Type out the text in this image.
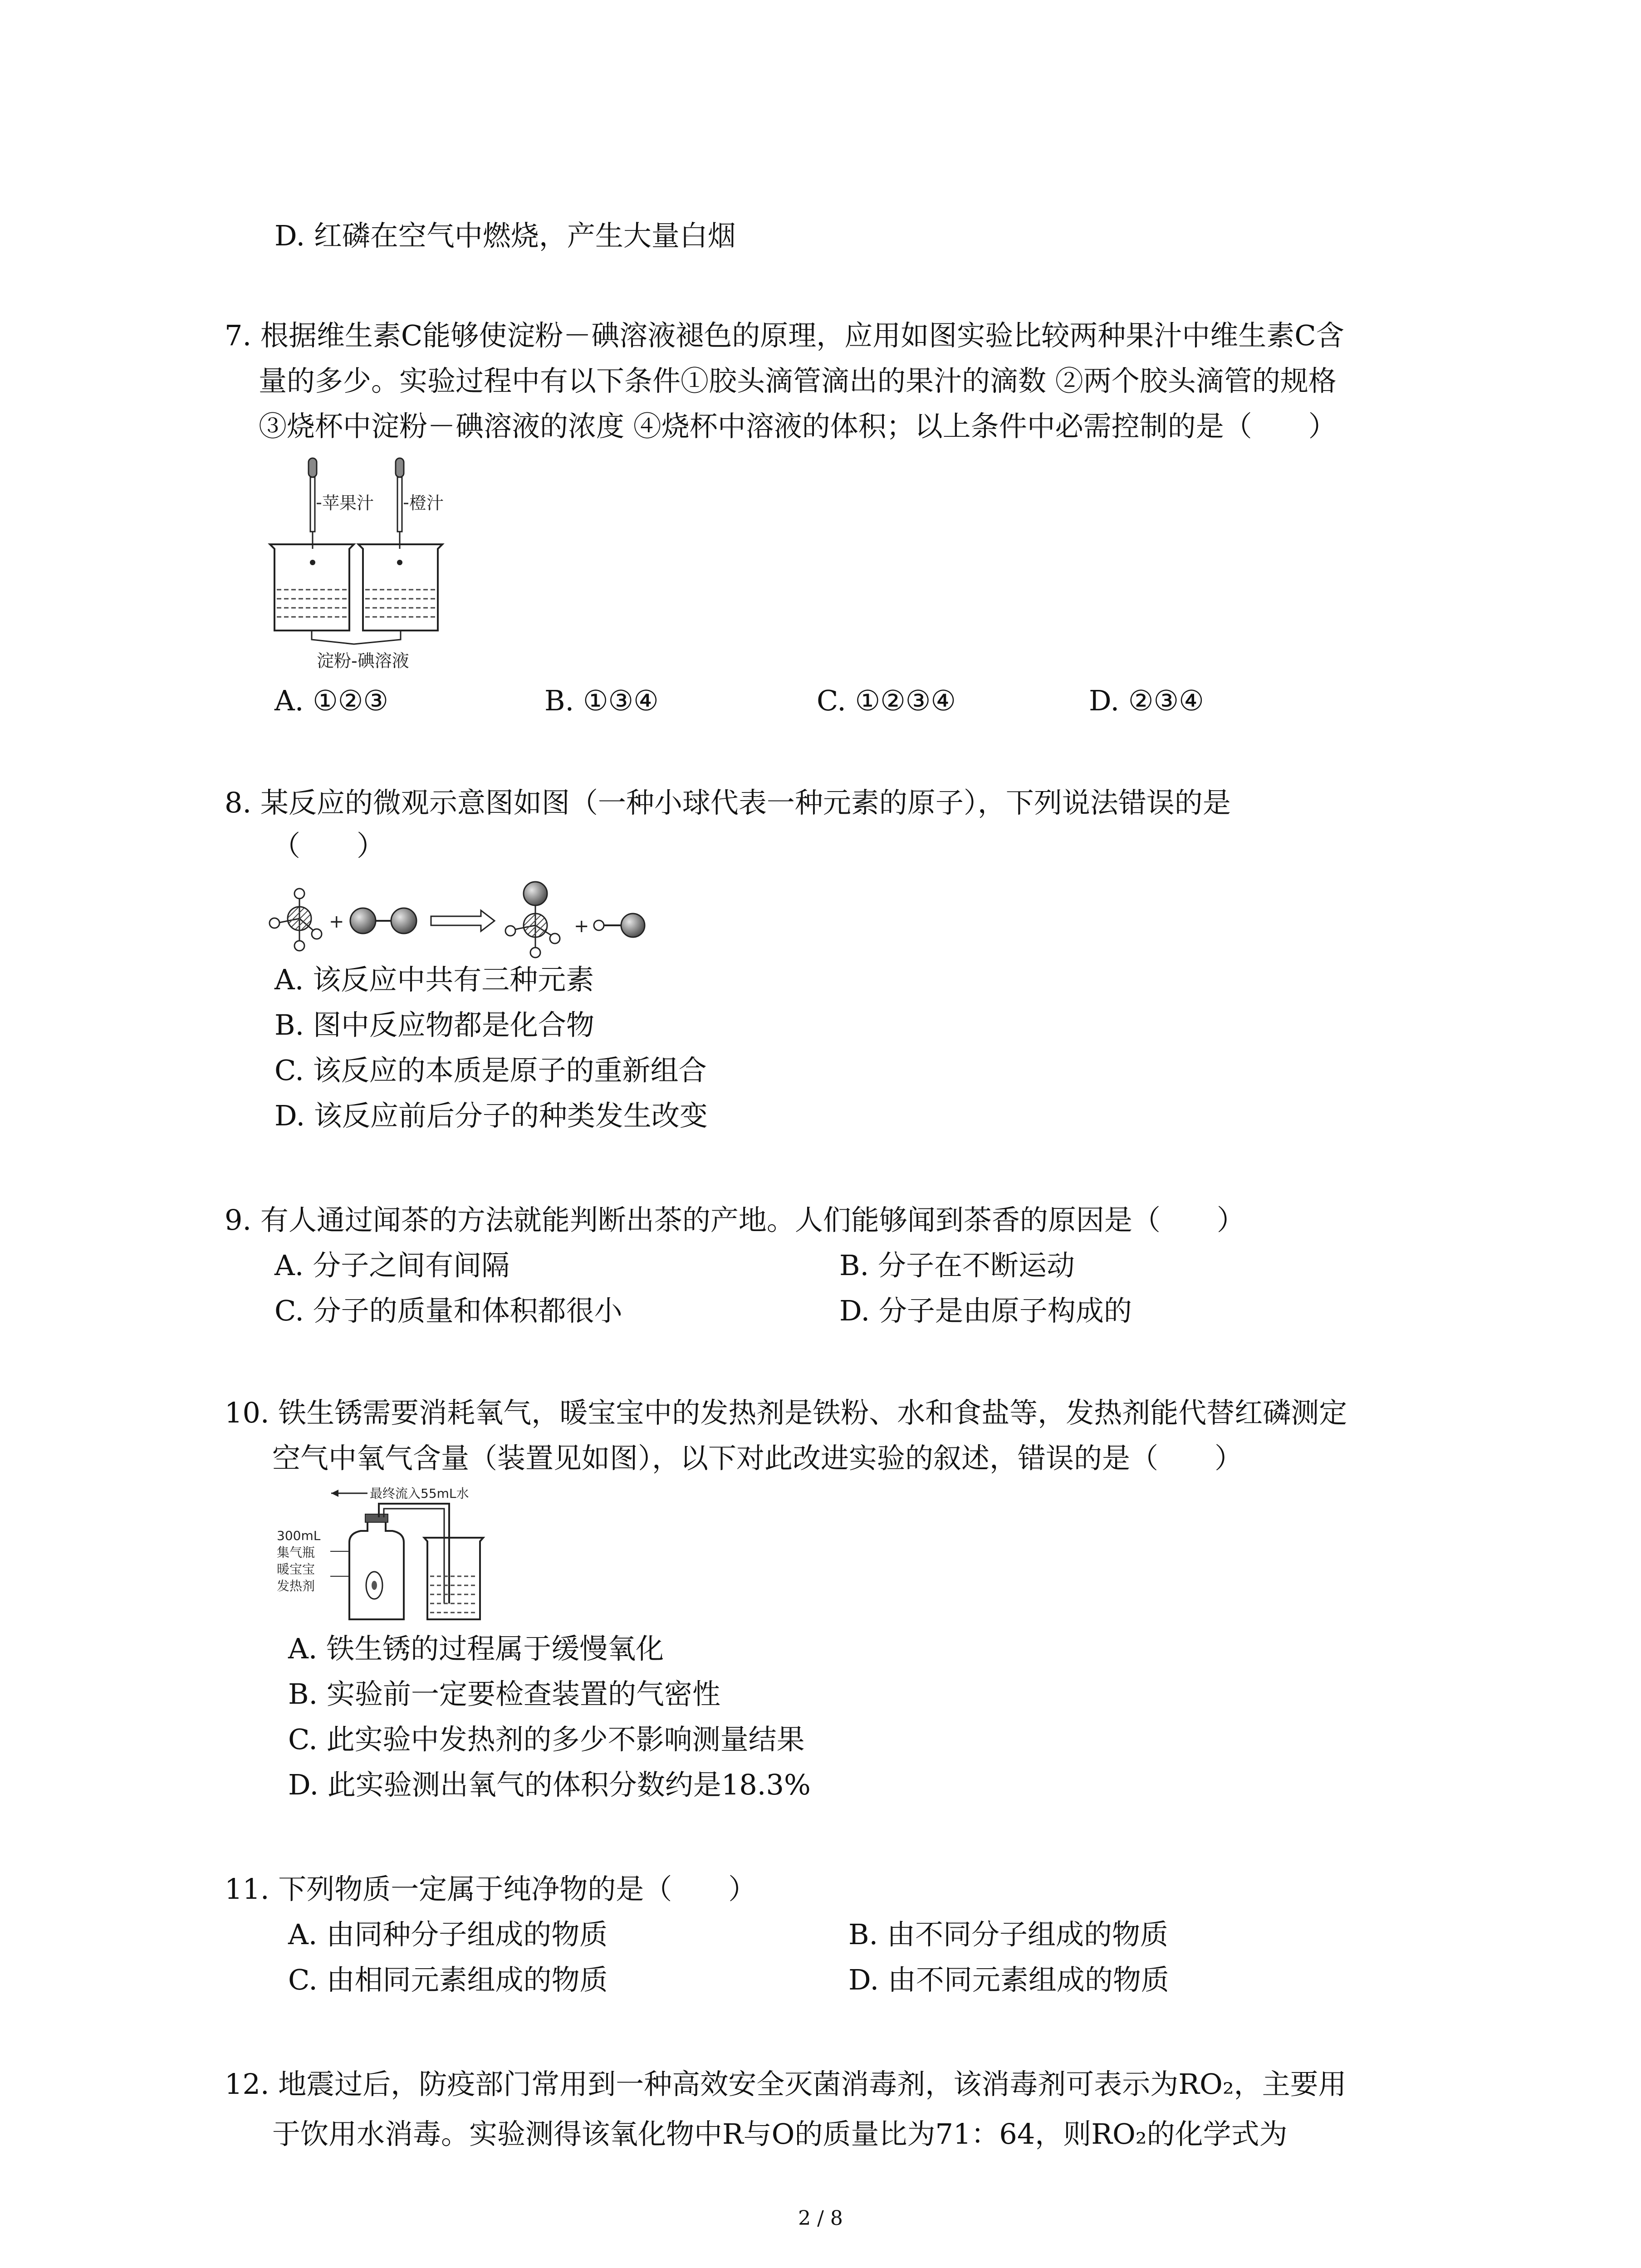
D. 红磷在空气中燃烧，产生大量白烟
7. 根据维生素C能够使淀粉－碘溶液褪色的原理，应用如图实验比较两种果汁中维生素C含
量的多少。实验过程中有以下条件①胶头滴管滴出的果汁的滴数 ②两个胶头滴管的规格
③烧杯中淀粉－碘溶液的浓度 ④烧杯中溶液的体积；以上条件中必需控制的是（　　）
苹果汁 橙汁
淀粉-碘溶液
A. ①②③	B. ①③④	C. ①②③④	D. ②③④
8. 某反应的微观示意图如图（一种小球代表一种元素的原子），下列说法错误的是
（　　）
+	+
A. 该反应中共有三种元素
B. 图中反应物都是化合物
C. 该反应的本质是原子的重新组合
D. 该反应前后分子的种类发生改变
9. 有人通过闻茶的方法就能判断出茶的产地。人们能够闻到茶香的原因是（　　）
A. 分子之间有间隔	B. 分子在不断运动
C. 分子的质量和体积都很小	D. 分子是由原子构成的
10. 铁生锈需要消耗氧气，暖宝宝中的发热剂是铁粉、水和食盐等，发热剂能代替红磷测定
空气中氧气含量（装置见如图），以下对此改进实验的叙述，错误的是（　　）
最终流入55mL水
300mL
集气瓶
暖宝宝
发热剂
A. 铁生锈的过程属于缓慢氧化
B. 实验前一定要检查装置的气密性
C. 此实验中发热剂的多少不影响测量结果
D. 此实验测出氧气的体积分数约是18.3%
11. 下列物质一定属于纯净物的是（　　）
A. 由同种分子组成的物质	B. 由不同分子组成的物质
C. 由相同元素组成的物质	D. 由不同元素组成的物质
12. 地震过后，防疫部门常用到一种高效安全灭菌消毒剂，该消毒剂可表示为RO₂，主要用
于饮用水消毒。实验测得该氧化物中R与O的质量比为71：64，则RO₂的化学式为
2 / 8
